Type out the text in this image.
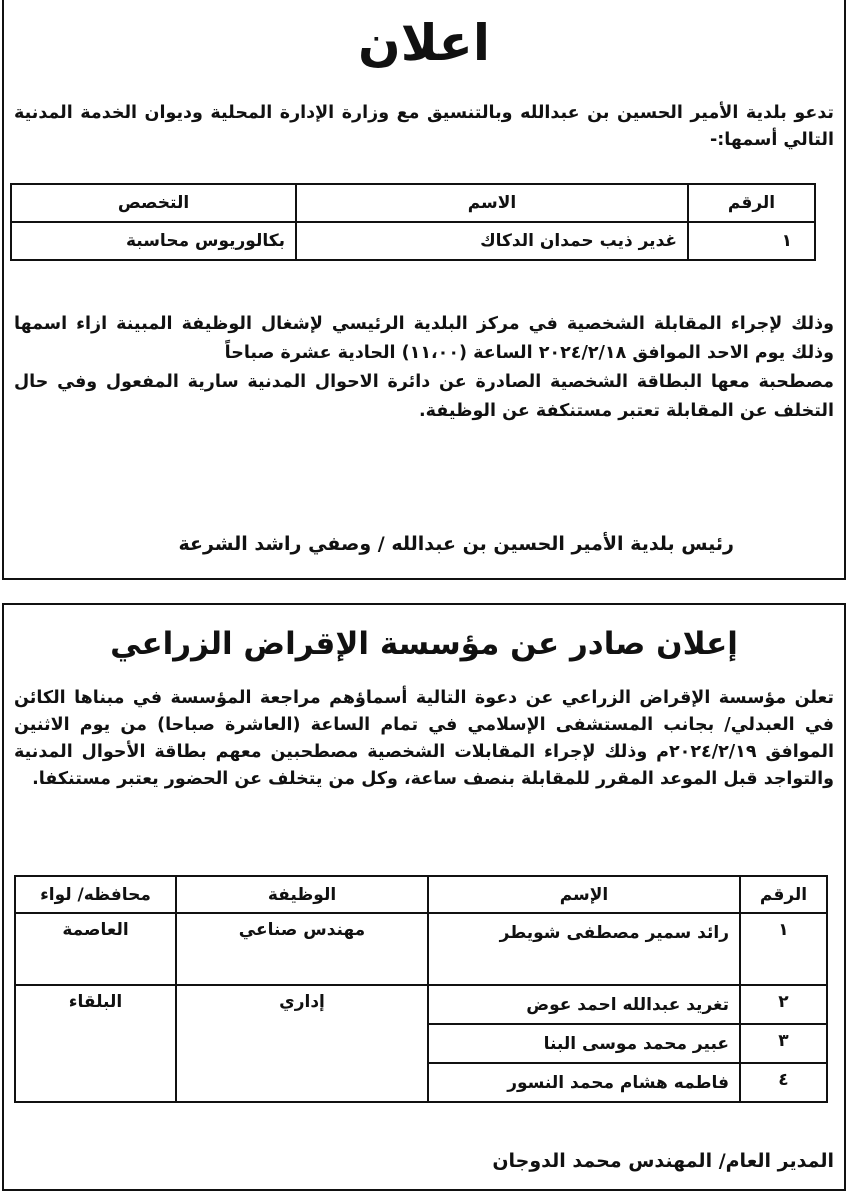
اعلان

تدعو بلدية الأمير الحسين بن عبدالله وبالتنسيق مع وزارة الإدارة المحلية وديوان الخدمة المدنية التالي أسمها:-

الرقم	الاسم	التخصص
١	غدير ذيب حمدان الدكاك	بكالوريوس محاسبة
وذلك لإجراء المقابلة الشخصية في مركز البلدية الرئيسي لإشغال الوظيفة المبينة ازاء اسمها وذلك يوم الاحد الموافق ٢٠٢٤/٢/١٨ الساعة (١١،٠٠) الحادية عشرة صباحاً
مصطحبة معها البطاقة الشخصية الصادرة عن دائرة الاحوال المدنية سارية المفعول وفي حال التخلف عن المقابلة تعتبر مستنكفة عن الوظيفة.
رئيس بلدية الأمير الحسين بن عبدالله / وصفي راشد الشرعة
إعلان صادر عن مؤسسة الإقراض الزراعي

تعلن مؤسسة الإقراض الزراعي عن دعوة التالية أسماؤهم مراجعة المؤسسة في مبناها الكائن في العبدلي/ بجانب المستشفى الإسلامي في تمام الساعة (العاشرة صباحا) من يوم الاثنين الموافق ٢٠٢٤/٢/١٩م وذلك لإجراء المقابلات الشخصية مصطحبين معهم بطاقة الأحوال المدنية والتواجد قبل الموعد المقرر للمقابلة بنصف ساعة، وكل من يتخلف عن الحضور يعتبر مستنكفا.

الرقم	الإسم	الوظيفة	محافظه/ لواء
١	رائد سمير مصطفى شويطر	مهندس صناعي	العاصمة
٢	تغريد عبدالله احمد عوض	إداري	البلقاء
٣	عبير محمد موسى البنا		
٤	فاطمه هشام محمد النسور		
المدير العام/ المهندس محمد الدوجان
